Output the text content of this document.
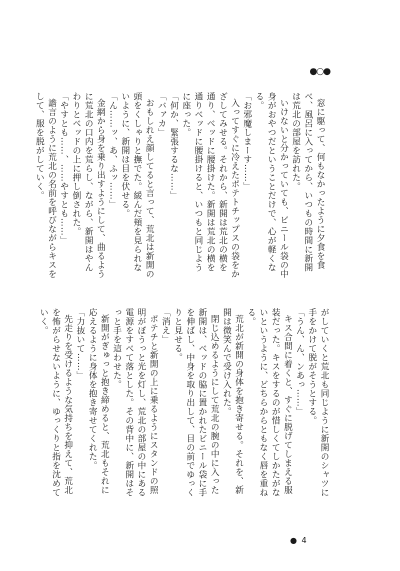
●○●
窓に駆って、何もなかったように夕食を食べ、風呂に入ってから、いつもの時間に新開は荒北の部屋を訪れた。
いけないと分かっていても、ビニール袋の中身がおやつだということだけで、心が軽くなる。
「お邪魔しまーす……」
入ってすぐに冷えたポテトチップスの袋をかざしてみせる。それから、新開は荒北の横を通り、ベッドに腰掛けた。新開は荒北の横を通りベッドに腰掛けると、いつもと同じように座った。
「何か、緊張するな……」
「バァカ」
おもしれえ顔してると言って、荒北は新開の頭をくしゃりと撫でた。緩んだ頬を見られないように、新開は目を伏せる。
「ん……ッ、あ、ふッ……」
金網から身を乗り出すようにして、曲るように荒北の口内を荒らし、ながら、新開はやんわりとベッドの上に押し倒された。
「やすとも……、……やすとも……」
譫言のように荒北の名前を呼びながらキスをして、服を脱がしていく。
がしていくと荒北も同じように新開のシャツに手をかけて脱がそうとする。
「うん、ん、ンあっ……」
キス合間に着くと、すぐに脱げてしまえる服装だった。キスをするのが惜しくてしかたがないというように、どちらからともなく唇を重ねる。
荒北が新開の身体を抱き寄せる。それを、新開は微笑んで受け入れた。
閉じ込めるようにして荒北の腕の中に入った新開は、ベッドの脇に置かれたビニール袋に手を伸ばし、中身を取り出して、目の前でゆっくりと見せる。
「消え」
ポテチと新開の上に乗るようにスタンドの照明がぼうっと光を灯し、荒北の部屋の中にある電源をすべて落とした。その背中に、新開はそっと手を這わせた。
新開がぎゅっと抱き締めると、荒北もそれに応えるように身体を抱き寄せてくれた。
「力抜いて……」
先走りを受けるような気持ちを抑えて、荒北を怖がらせないように、ゆっくりと指を沈めていく。
● 4
